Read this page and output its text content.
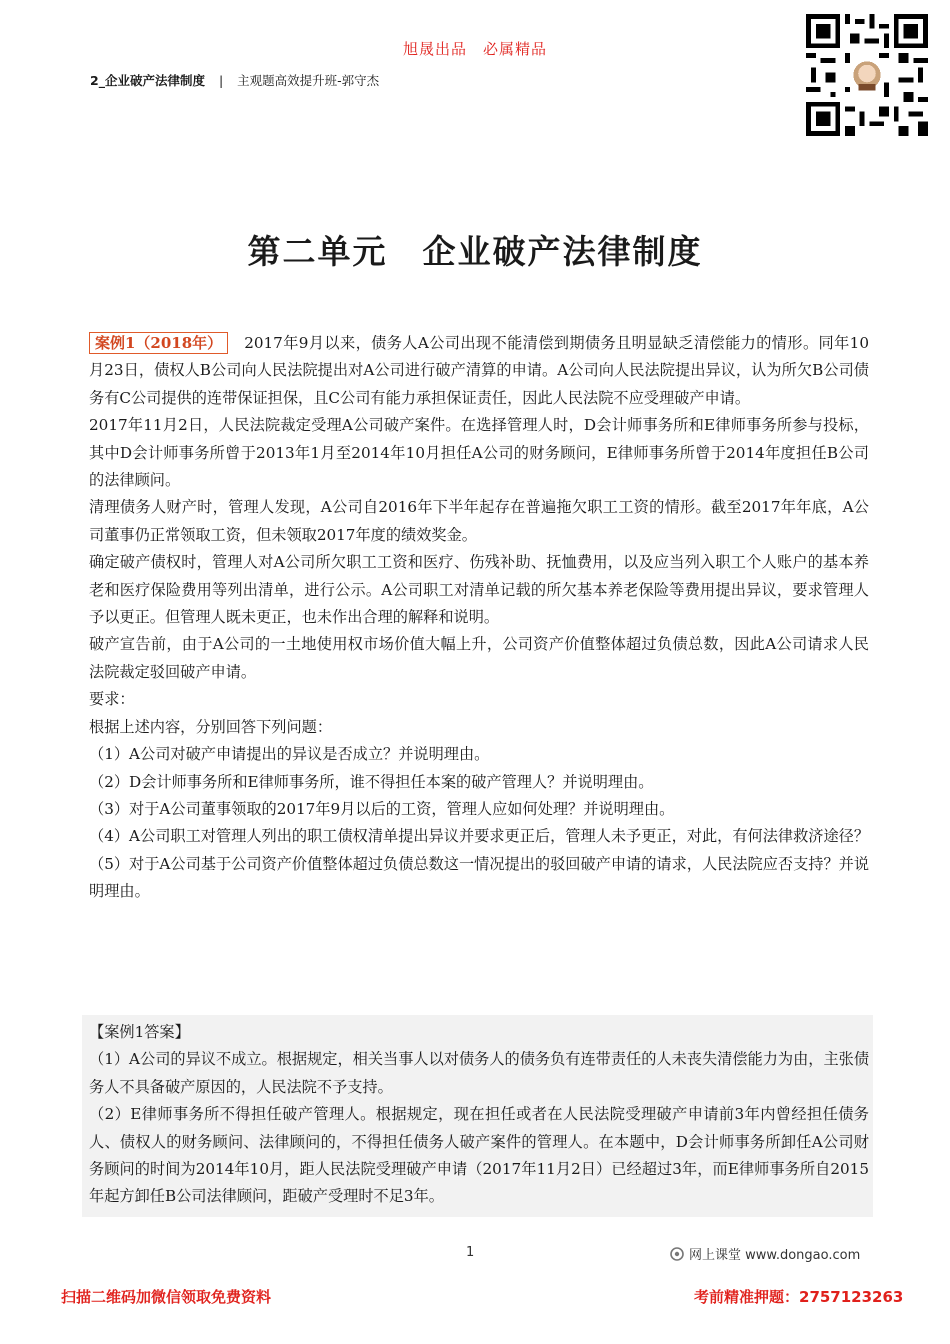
旭晟出品　必属精品
2_企业破产法律制度 | 主观题高效提升班-郭守杰
第二单元　企业破产法律制度

案例1（2018年） 2017年9月以来，债务人A公司出现不能清偿到期债务且明显缺乏清偿能力的情形。同年10月23日，债权人B公司向人民法院提出对A公司进行破产清算的申请。A公司向人民法院提出异议，认为所欠B公司债务有C公司提供的连带保证担保，且C公司有能力承担保证责任，因此人民法院不应受理破产申请。

2017年11月2日，人民法院裁定受理A公司破产案件。在选择管理人时，D会计师事务所和E律师事务所参与投标，其中D会计师事务所曾于2013年1月至2014年10月担任A公司的财务顾问，E律师事务所曾于2014年度担任B公司的法律顾问。

清理债务人财产时，管理人发现，A公司自2016年下半年起存在普遍拖欠职工工资的情形。截至2017年年底，A公司董事仍正常领取工资，但未领取2017年度的绩效奖金。

确定破产债权时，管理人对A公司所欠职工工资和医疗、伤残补助、抚恤费用，以及应当列入职工个人账户的基本养老和医疗保险费用等列出清单，进行公示。A公司职工对清单记载的所欠基本养老保险等费用提出异议，要求管理人予以更正。但管理人既未更正，也未作出合理的解释和说明。

破产宣告前，由于A公司的一土地使用权市场价值大幅上升，公司资产价值整体超过负债总数，因此A公司请求人民法院裁定驳回破产申请。

要求：

根据上述内容，分别回答下列问题：

（1）A公司对破产申请提出的异议是否成立？并说明理由。

（2）D会计师事务所和E律师事务所，谁不得担任本案的破产管理人？并说明理由。

（3）对于A公司董事领取的2017年9月以后的工资，管理人应如何处理？并说明理由。

（4）A公司职工对管理人列出的职工债权清单提出异议并要求更正后，管理人未予更正，对此，有何法律救济途径？

（5）对于A公司基于公司资产价值整体超过负债总数这一情况提出的驳回破产申请的请求，人民法院应否支持？并说明理由。

【案例1答案】

（1）A公司的异议不成立。根据规定，相关当事人以对债务人的债务负有连带责任的人未丧失清偿能力为由，主张债务人不具备破产原因的，人民法院不予支持。

（2）E律师事务所不得担任破产管理人。根据规定，现在担任或者在人民法院受理破产申请前3年内曾经担任债务人、债权人的财务顾问、法律顾问的，不得担任债务人破产案件的管理人。在本题中，D会计师事务所卸任A公司财务顾问的时间为2014年10月，距人民法院受理破产申请（2017年11月2日）已经超过3年，而E律师事务所自2015年起方卸任B公司法律顾问，距破产受理时不足3年。

1	网上课堂 www.dongao.com
扫描二维码加微信领取免费资料	考前精准押题：2757123263
